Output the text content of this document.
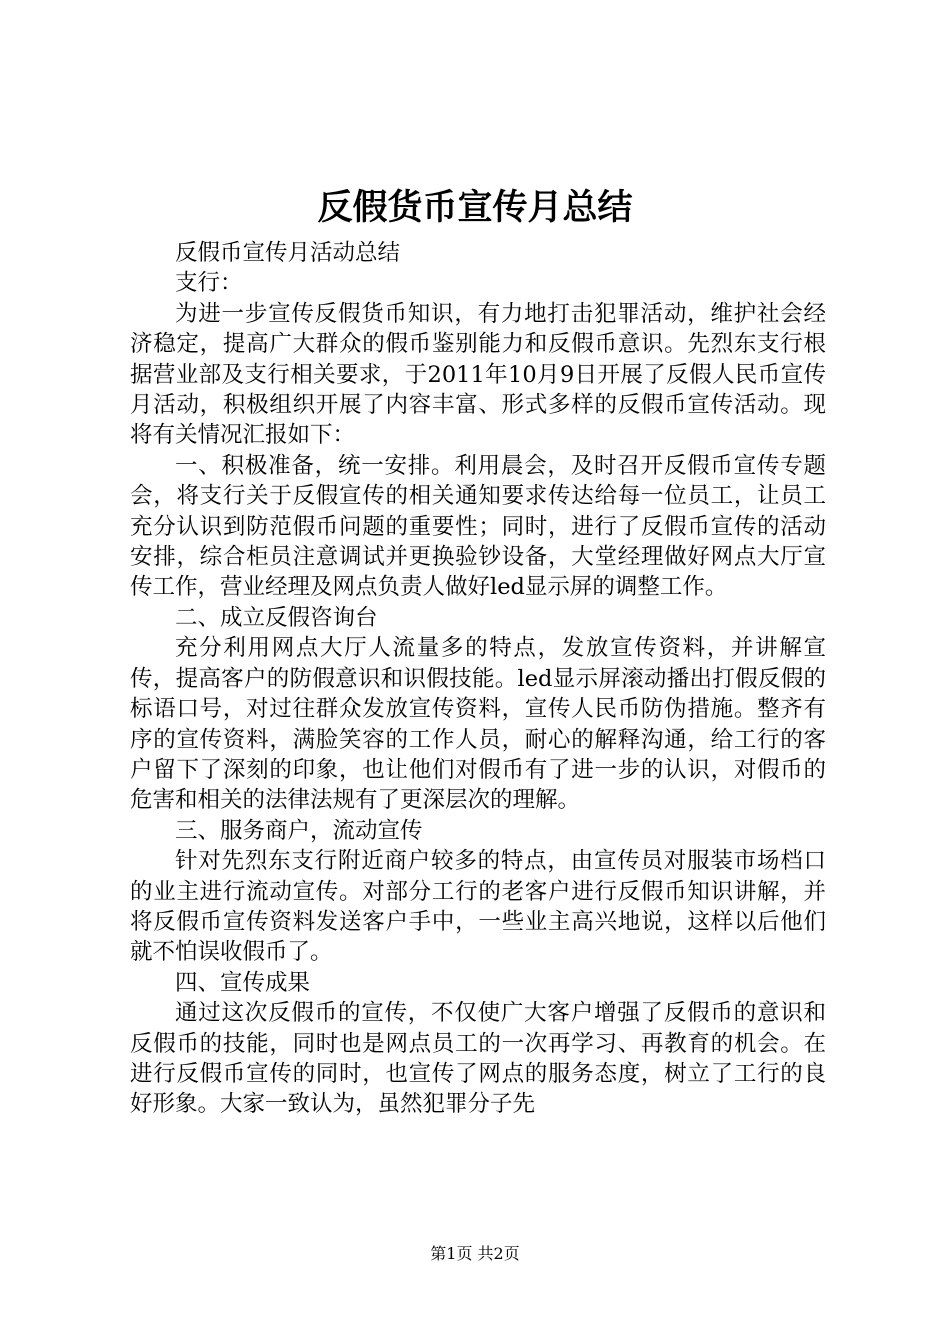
反假货币宣传月总结

反假币宣传月活动总结

支行：

为进一步宣传反假货币知识，有力地打击犯罪活动，维护社会经济稳定，提高广大群众的假币鉴别能力和反假币意识。先烈东支行根据营业部及支行相关要求，于2011年10月9日开展了反假人民币宣传月活动，积极组织开展了内容丰富、形式多样的反假币宣传活动。现将有关情况汇报如下：

一、积极准备，统一安排。利用晨会，及时召开反假币宣传专题会，将支行关于反假宣传的相关通知要求传达给每一位员工，让员工充分认识到防范假币问题的重要性；同时，进行了反假币宣传的活动安排，综合柜员注意调试并更换验钞设备，大堂经理做好网点大厅宣传工作，营业经理及网点负责人做好led显示屏的调整工作。

二、成立反假咨询台

充分利用网点大厅人流量多的特点，发放宣传资料，并讲解宣传，提高客户的防假意识和识假技能。led显示屏滚动播出打假反假的标语口号，对过往群众发放宣传资料，宣传人民币防伪措施。整齐有序的宣传资料，满脸笑容的工作人员，耐心的解释沟通，给工行的客户留下了深刻的印象，也让他们对假币有了进一步的认识，对假币的危害和相关的法律法规有了更深层次的理解。

三、服务商户，流动宣传

针对先烈东支行附近商户较多的特点，由宣传员对服装市场档口的业主进行流动宣传。对部分工行的老客户进行反假币知识讲解，并将反假币宣传资料发送客户手中，一些业主高兴地说，这样以后他们就不怕误收假币了。

四、宣传成果

通过这次反假币的宣传，不仅使广大客户增强了反假币的意识和反假币的技能，同时也是网点员工的一次再学习、再教育的机会。在进行反假币宣传的同时，也宣传了网点的服务态度，树立了工行的良好形象。大家一致认为，虽然犯罪分子先

第1页 共2页
